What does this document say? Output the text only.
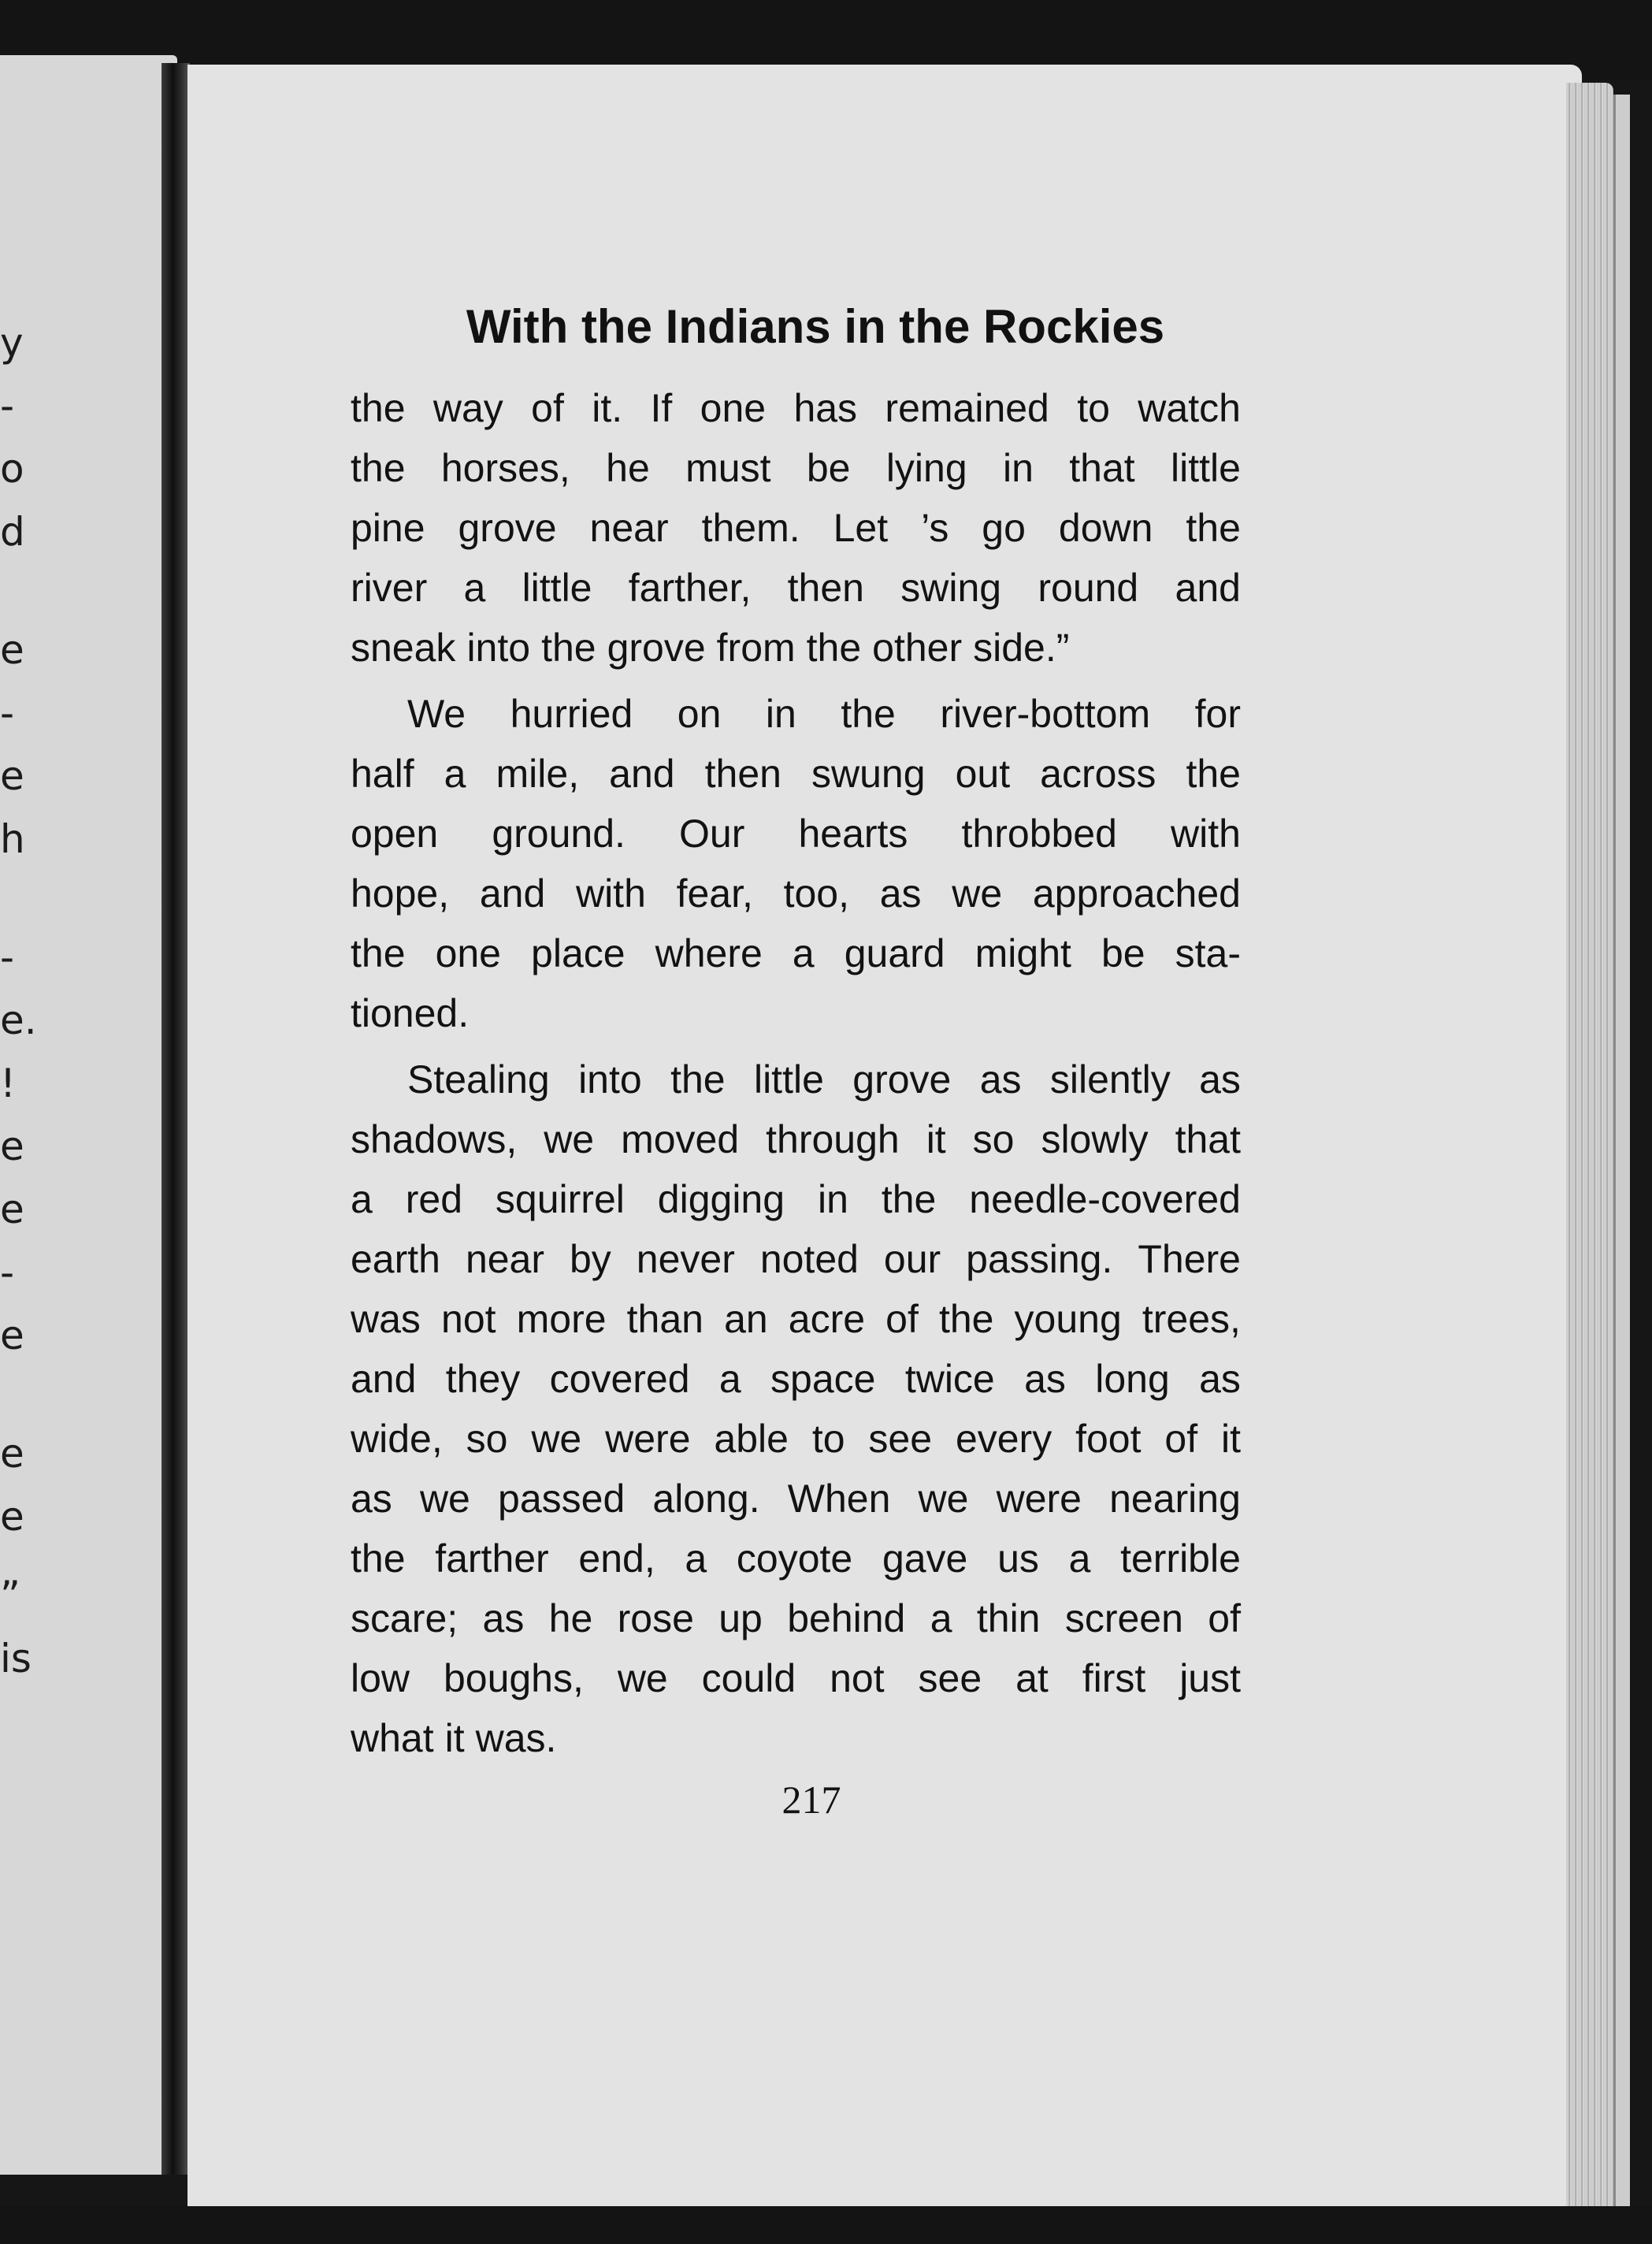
y
-
o
d
e
-
e
h
-
e.
!
e
e
-
e
e
e
”
is
With the Indians in the Rockies
the way of it. If one has remained to watch
the horses, he must be lying in that little
pine grove near them. Let ’s go down the
river a little farther, then swing round and
sneak into the grove from the other side.”
We hurried on in the river-bottom for
half a mile, and then swung out across the
open ground. Our hearts throbbed with
hope, and with fear, too, as we approached
the one place where a guard might be sta-
tioned.
Stealing into the little grove as silently as
shadows, we moved through it so slowly that
a red squirrel digging in the needle-covered
earth near by never noted our passing. There
was not more than an acre of the young trees,
and they covered a space twice as long as
wide, so we were able to see every foot of it
as we passed along. When we were nearing
the farther end, a coyote gave us a terrible
scare; as he rose up behind a thin screen of
low boughs, we could not see at first just
what it was.
217
